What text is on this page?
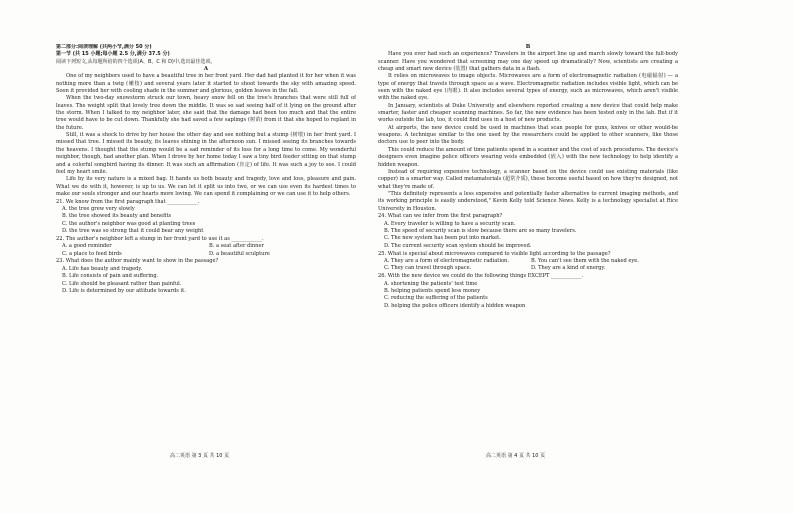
第二部分:阅读理解 (共两小节,满分 50 分)

第一节 (共 15 小题;每小题 2.5 分,满分 37.5 分)

阅读下列短文,从每题所给的四个选项(A、B、C 和 D)中,选出最佳选项。

A

One of my neighbors used to have a beautiful tree in her front yard. Her dad had planted it for her when it was nothing more than a twig (嫩枝) and several years later it started to shoot towards the sky with amazing speed. Soon it provided her with cooling shade in the summer and glorious, golden leaves in the fall.

When the two-day snowstorm struck our town, heavy snow fell on the tree's branches that were still full of leaves. The weight split that lovely tree down the middle. It was so sad seeing half of it lying on the ground after the storm. When I talked to my neighbor later, she said that the damage had been too much and that the entire tree would have to be cut down. Thankfully she had saved a few saplings (树苗) from it that she hoped to replant in the future.

Still, it was a shock to drive by her house the other day and see nothing but a stump (树墩) in her front yard. I missed that tree. I missed its beauty, its leaves shining in the afternoon sun. I missed seeing its branches towards the heavens. I thought that the stump would be a sad reminder of its loss for a long time to come. My wonderful neighbor, though, had another plan. When I drove by her home today I saw a tiny bird feeder sitting on that stump and a colorful songbird having its dinner. It was such an affirmation (肯定) of life. It was such a joy to see. I could feel my heart smile.

Life by its very nature is a mixed bag. It hands us both beauty and tragedy, love and loss, pleasure and pain. What we do with it, however, is up to us. We can let it split us into two, or we can use even its hardest times to make our souls stronger and our hearts more loving. We can spend it complaining or we can use it to help others.

21. We know from the first paragraph that ____________.

A. the tree grew very slowly

B. the tree showed its beauty and benefits

C. the author's neighbor was good at planting trees

D. the tree was so strong that it could bear any weight

22. The author's neighbor left a stump in her front yard to use it as ____________.

A. a good reminder	B. a seat after dinner
C. a place to feed birds	D. a beautiful sculpture

23. What does the author mainly want to show in the passage?

A. Life has beauty and tragedy.

B. Life consists of pain and suffering.

C. Life should be pleasant rather than painful.

D. Life is determined by our attitude towards it.

高二英语 第 3 页 共 10 页

B

Have you ever had such an experience? Travelers in the airport line up and march slowly toward the full-body scanner. Have you wondered that screening may one day speed up dramatically? Now, scientists are creating a cheap and smart new device (装置) that gathers data in a flash.

It relies on microwaves to image objects. Microwaves are a form of electromagnetic radiation (电磁辐射) — a type of energy that travels through space as a wave. Electromagnetic radiation includes visible light, which can be seen with the naked eye (肉眼). It also includes several types of energy, such as microwaves, which aren't visible with the naked eye.

In January, scientists at Duke University and elsewhere reported creating a new device that could help make smarter, faster and cheaper scanning machines. So far, the new evidence has been tested only in the lab. But if it works outside the lab, too, it could find uses in a host of new products.

At airports, the new device could be used in machines that scan people for guns, knives or other would-be weapons. A technique similar to the one used by the researchers could be applied to other scanners, like those doctors use to peer into the body.

This could reduce the amount of time patients spend in a scanner and the cost of such procedures. The device's designers even imagine police officers wearing vests embedded (嵌入) with the new technology to help identify a hidden weapon.

Instead of requiring expensive technology, a scanner based on the device could use existing materials (like copper) in a smarter way. Called metamaterials (超常介质), these become useful based on how they're designed, not what they're made of.

"This definitely represents a less expensive and potentially faster alternative to current imaging methods, and its working principle is easily understood," Kevin Kelly told Science News. Kelly is a technology specialist at Rice University in Houston.

24. What can we infer from the first paragraph?

A. Every traveler is willing to have a security scan.

B. The speed of security scan is slow because there are so many travelers.

C. The new system has been put into market.

D. The current security scan system should be improved.

25. What is special about microwaves compared to visible light according to the passage?

A. They are a form of electromagnetic radiation.	B. You can't see them with the naked eye.
C. They can travel through space.	D. They are a kind of energy.

26. With the new device we could do the following things EXCEPT ____________.

A. shortening the patients' test time

B. helping patients spend less money

C. reducing the suffering of the patients

D. helping the police officers identify a hidden weapon

高二英语 第 4 页 共 10 页
